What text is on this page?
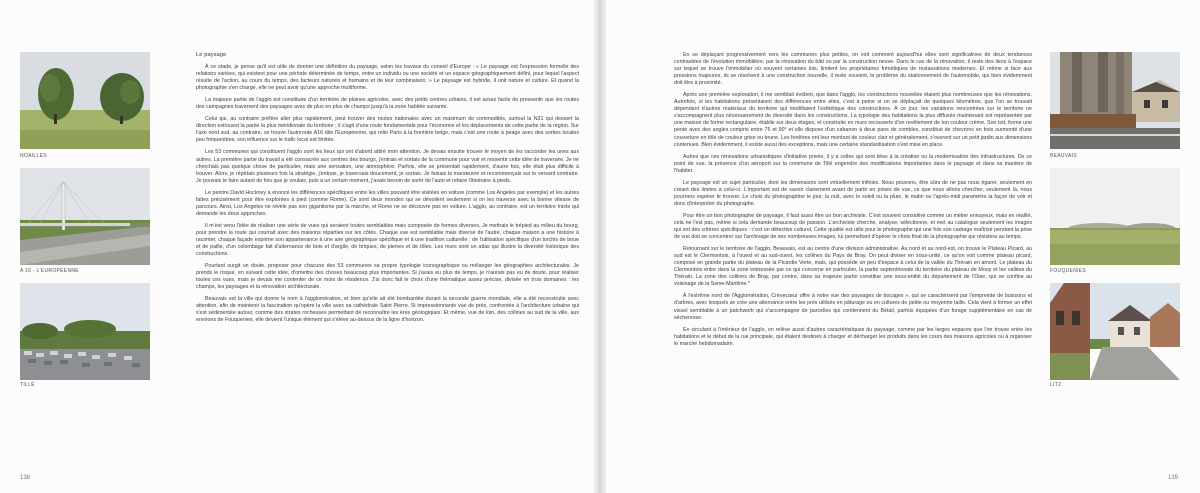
NOAILLES
A 16 - L'EUROPÉENNE
TILLÉ
Le paysage

À ce stade, je pense qu'il est utile de donner une définition du paysage, selon les travaux du conseil d'Europe : « Le paysage est l'expression formelle des relations variées, qui existent pour une période déterminée de temps, entre un individu ou une société et un espace géographiquement défini, pour lequel l'aspect résulte de l'action, au cours du temps, des facteurs naturels et humains et de leur combinaison. » Le paysage est hybride, il unit nature et culture. Et quand la photographie s'en charge, elle ne peut avoir qu'une approche multiforme.

La majeure partie de l'agglo est constituée d'un territoire de plaines agricoles, avec des petits centres urbains, il est assez facile de pressentir que les routes des campagnes traversent des paysages avec de plus en plus de champs jusqu'à la zone habitée suivante.

Celui qui, au contraire préfère aller plus rapidement, peut trouver des routes nationales avec un maximum de commodités, surtout la N31 qui dessert la direction est/ouest la partie la plus méridionale du territoire ; il s'agit d'une route fondamentale pour l'économie et les déplacements de cette partie de la région. Sur l'axe nord sud, au contraire, se trouve l'autoroute A16 dite l'Européenne, qui relie Paris à la frontière belge, mais c'est une route à péage avec des sorties locales peu fréquentées, son influence sur le trafic local est limitée.

Les 53 communes qui constituent l'agglo sont les lieux qui ont d'abord attiré mon attention. Je devais ensuite trouver le moyen de les raccorder les unes aux autres. La première partie du travail a été consacrée aux centres des bourgs, j'entrais et sortais de la commune pour voir et ressentir cette idée de traversée. Je ne cherchais pas quelque chose de particulier, mais une sensation, une atmosphère. Parfois, elle se présentait rapidement, d'autre fois, elle était plus difficile à trouver. Alors, je répétais plusieurs fois la stratégie, j'entrais, je traversais doucement, je sortais. Je faisais la manœuvre et recommençais sur le versant contraire. Je pouvais le faire autant de fois que je voulais, puis à un certain moment, j'avais besoin de sortir de l'auto et refaire l'itinéraire à pieds.

Le peintre David Hockney a énoncé les différences spécifiques entre les villes pouvant être visitées en voiture (comme Los Angeles par exemple) et les autres faites précisément pour être explorées à pied (comme Rome). Ce sont deux mondes qui se dévoilent seulement si on les traverse avec la bonne vitesse de parcours. Ainsi, Los Angeles ne révèle pas son gigantisme par la marche, et Rome ne se découvre pas en voiture. L'agglo, au contraire, est un territoire mixte qui demande les deux approches.

Il m'est venu l'idée de réaliser une série de vues qui seraient toutes semblables mais composée de formes diverses. Je mettrais le trépied au milieu du bourg, pour prendre la route qui courrait avec des maisons réparties sur les côtés. Chaque vue est semblable mais diverse de l'autre, chaque maison a une histoire à raconter, chaque façade exprime son appartenance à une aire géographique spécifique et à une tradition culturelle : de l'utilisation spécifique d'un torchis de boue et de paille, d'un colombage fait d'alternance de bois et d'argile, de briques, de pierres et de tôles. Les murs sont un atlas qui illustre la diversité historique des constructions.

Pourtant surgit un doute, proposer pour chacune des 53 communes sa propre typologie iconographique ou mélanger les géographies architecturales. Je prends le risque, en suivant cette idée, d'omettre des choses beaucoup plus importantes. Si j'avais eu plus de temps, je n'aurais pas eu de doute, pour réaliser toutes ces vues, mais je devais me contenter de ce mois de résidence. J'ai donc fait le choix d'une thématique assez précise, divisée en trois domaines : les champs, les paysages et la rénovation architecturale.

Beauvais est la ville qui donne le nom à l'agglomération, et bien qu'elle ait été bombardée durant la seconde guerre mondiale, elle a été reconstruite avec attention, afin de maintenir la fascination qu'opère la ville avec sa cathédrale Saint Pierre. Si impressionnante vue de près, confrontée à l'architecture urbaine qui s'est sédimentée autour, comme des strates rocheuses permettant de reconnaître les ères géologiques. Et même, vue de loin, des collines au sud de la ville, aux environs de Fouquenies, elle devient l'unique élément qui s'élève au-dessus de la ligne d'horizon.

138

En se déplaçant progressivement vers les communes plus petites, on voit comment aujourd'hui elles sont significatives de deux tendances contrastées de l'évolution immobilière, par la rénovation du bâti ou par la construction neuve. Dans le cas de la rénovation, il reste des liens à l'espace sur lequel se trouve l'immobilier où souvent certaines lois, limitent les propriétaires frénétiques de restaurations modernes. Et même si face aux pressions majeures, ils se résolvent à une construction nouvelle, il reste souvent, le problème du stationnement de l'automobile, qui bien évidemment doit être à proximité.

Après une première exploration, il me semblait évident, que dans l'agglo, les constructions nouvelles étaient plus nombreuses que les rénovations. Autrefois, si les habitations présentaient des différences entre elles, c'est à peine si on se déplaçait de quelques kilomètres, que l'on se trouvait dépendant d'autres matériaux du territoire qui modifiaient l'esthétique des constructions. À ce jour, les variations rencontrées sur le territoire ne s'accompagnent plus nécessairement de diversité dans les constructions. La typologie des habitations la plus diffusée maintenant est représentée par une maison de forme rectangulaire, établie sur deux étages, et construite en murs recouverts d'un revêtement de ton couleur crème. Son toit, forme une pente avec des angles compris entre 75 et 90° et elle dispose d'un cabanon à deux pans de combles, constitué de chevrons en bois surmonté d'une couverture en tôle de couleur grise ou brune. Les fenêtres ont leur montant de couleur clair et généralement, s'ouvrent sur un petit jardin aux dimensions contenues. Bien évidemment, il existe aussi des exceptions, mais une certaine standardisation s'est mise en place.

Autres que ces rénovations urbanistiques d'initiative privée, il y a celles qui sont liées à la création ou la modernisation des infrastructures. De ce point de vue, la présence d'un aéroport sur la commune de Tillé engendre des modifications importantes dans le paysage et dans sa manière de l'habiter.

Le paysage est un sujet particulier, dont les dimensions sont virtuellement infinies. Nous pouvons, être sûrs de ne pas nous égarer, seulement en créant des limites à celui-ci. L'important est de savoir clairement avant de partir en prises de vue, ce que nous allons chercher, seulement là, nous pourrons espérer le trouver. Le choix du photographier le jour, la nuit, avec le soleil ou la pluie, le matin ou l'après-midi paramètre la façon de voir et donc d'interpréter du photographe.

Pour être un bon photographe de paysage, il faut aussi être un bon archiviste. C'est souvent considéré comme un métier ennuyeux, mais en réalité, cela ne l'est pas, même si cela demande beaucoup de passion. L'archiviste cherche, analyse, sélectionne, et met au catalogue seulement les images qui ont des critères spécifiques : c'est un détective culturel. Cette qualité est utile pour le photographe qui une fois son cadrage maîtrisé pendant la prise de vue doit se concentrer sur l'archivage de ses nombreuses images, lui permettant d'opérer le choix final de la photographie qui résistera au temps.

Retournant sur le territoire de l'agglo, Beauvais, est au centre d'une division administrative. Au nord et au nord-est, on trouve le Plateau Picard, au sud est le Clermontois, à l'ouest et au sud-ouest, les collines du Pays de Bray. On peut diviser en sous-unité, ce qu'on voit comme plateau picard, composé en grande partie du plateau de la Picardie Verte, mais, qui possède un peu d'espace à celui de la vallée du Thérain en amont. Le plateau du Clermontois entre dans la zone intéressée par ce qui concerne en particulier, la partie septentrionale du territoire du plateau de Mouy et les vallées du Thérain. La zone des collines de Bray, par contre, dans sa majeure partie constitue une sous-entité du département de l'Oise, qui se confine au voisinage de la Seine-Maritime.*

À l'extrême nord de l'Agglomération, Crèvecœur offre à notre vue des paysages de bocages », qui se caractérisent par l'empreinte de buissons et d'arbres, avec lesquels se crée une alternance entre les prés utilisés en pâturage ou en cultures de petite ou moyenne taille. Cela vient à former un effet visuel semblable à un patchwork qui s'accompagne de parcelles qui contiennent du Bétail, parfois équipées d'un forage supplémentaire en cas de sécheresse.

En circulant à l'intérieur de l'agglo, on relève aussi d'autres caractéristiques du paysage, comme par les larges espaces que l'on trouve entre les habitations et le début de la rue principale, qui étaient destinés à charger et décharger les produits dans les cours des maisons agricoles ou à organiser le marché hebdomadaire.

BEAUVAIS
FOUQUENIES
LITZ
139
